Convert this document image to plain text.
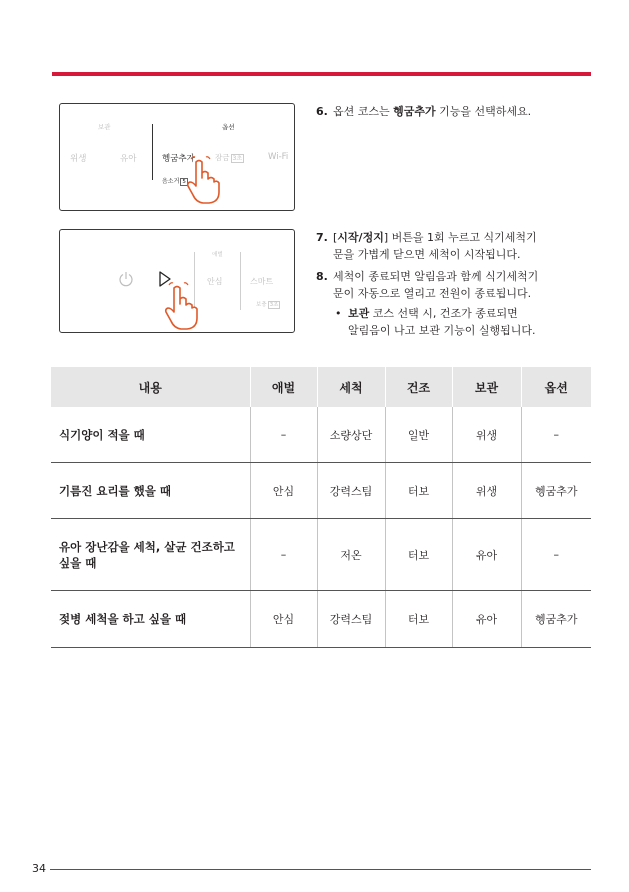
보관	옵션
위생	유아	헹굼추가	잠금 3초	Wi-Fi
음소거 5
애벌
안심	스마트
보충 3초
6. 옵션 코스는 헹굼추가 기능을 선택하세요.
7. [시작/정지] 버튼을 1회 누르고 식기세척기
문을 가볍게 닫으면 세척이 시작됩니다.
8. 세척이 종료되면 알림음과 함께 식기세척기
문이 자동으로 열리고 전원이 종료됩니다.
• 보관 코스 선택 시, 건조가 종료되면
알림음이 나고 보관 기능이 실행됩니다.
내용	애벌	세척	건조	보관	옵션
식기양이 적을 때	–	소량상단	일반	위생	–
기름진 요리를 했을 때	안심	강력스팀	터보	위생	헹굼추가

유아 장난감을 세척, 살균 건조하고
싶을 때	–	저온	터보	유아	–
젖병 세척을 하고 싶을 때	안심	강력스팀	터보	유아	헹굼추가
34
